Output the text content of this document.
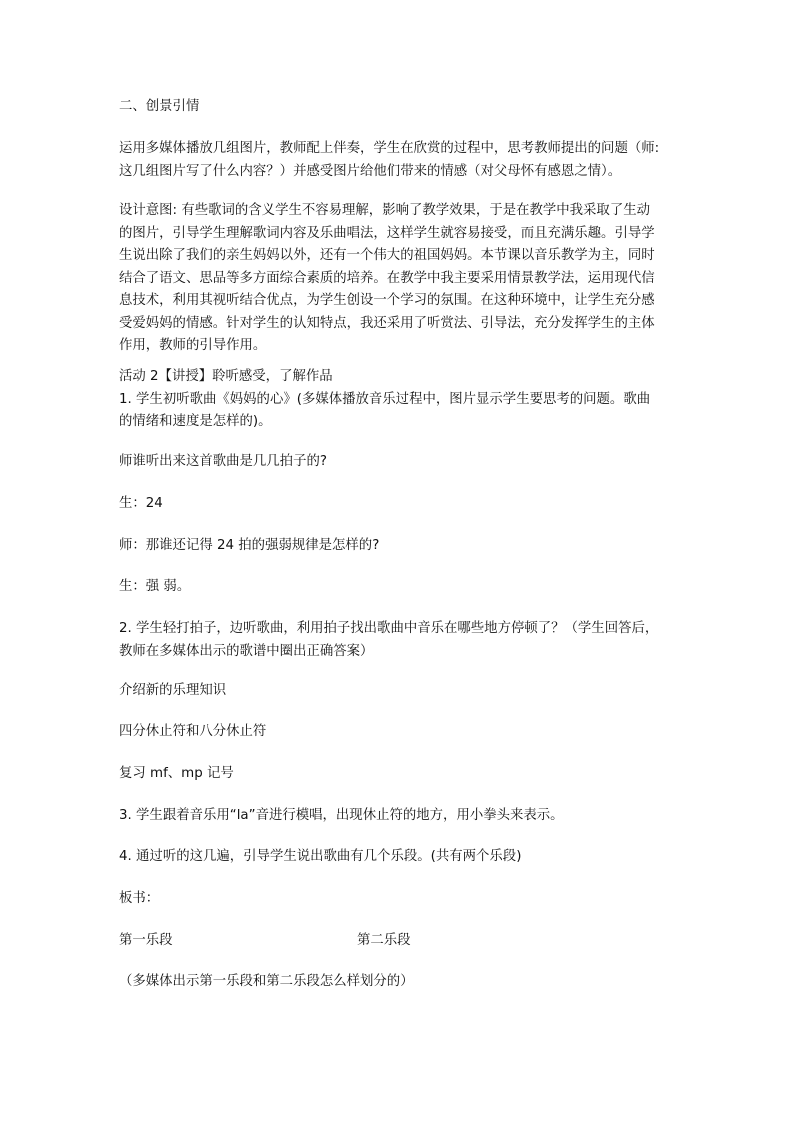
二、创景引情

运用多媒体播放几组图片，教师配上伴奏，学生在欣赏的过程中，思考教师提出的问题（师:
这几组图片写了什么内容？）并感受图片给他们带来的情感（对父母怀有感恩之情）。

设计意图: 有些歌词的含义学生不容易理解，影响了教学效果，于是在教学中我采取了生动
的图片，引导学生理解歌词内容及乐曲唱法，这样学生就容易接受，而且充满乐趣。引导学
生说出除了我们的亲生妈妈以外，还有一个伟大的祖国妈妈。本节课以音乐教学为主，同时
结合了语文、思品等多方面综合素质的培养。在教学中我主要采用情景教学法，运用现代信
息技术，利用其视听结合优点，为学生创设一个学习的氛围。在这种环境中，让学生充分感
受爱妈妈的情感。针对学生的认知特点，我还采用了听赏法、引导法，充分发挥学生的主体
作用，教师的引导作用。

活动 2【讲授】聆听感受，了解作品
1. 学生初听歌曲《妈妈的心》(多媒体播放音乐过程中，图片显示学生要思考的问题。歌曲
的情绪和速度是怎样的)。

师谁听出来这首歌曲是几几拍子的?

生：24

师：那谁还记得 24 拍的强弱规律是怎样的?

生：强 弱。

2. 学生轻打拍子，边听歌曲，利用拍子找出歌曲中音乐在哪些地方停顿了？（学生回答后，
教师在多媒体出示的歌谱中圈出正确答案）

介绍新的乐理知识

四分休止符和八分休止符

复习 mf、mp 记号

3. 学生跟着音乐用“la”音进行模唱，出现休止符的地方，用小拳头来表示。

4. 通过听的这几遍，引导学生说出歌曲有几个乐段。(共有两个乐段)

板书：

第一乐段	第二乐段

（多媒体出示第一乐段和第二乐段怎么样划分的）
